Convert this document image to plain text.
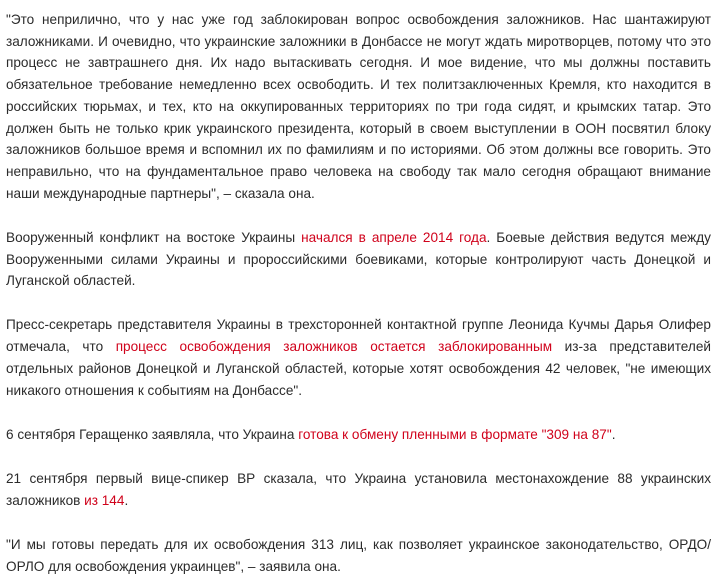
"Это неприлично, что у нас уже год заблокирован вопрос освобождения заложников. Нас шантажируют заложниками. И очевидно, что украинские заложники в Донбассе не могут ждать миротворцев, потому что это процесс не завтрашнего дня. Их надо вытаскивать сегодня. И мое видение, что мы должны поставить обязательное требование немедленно всех освободить. И тех политзаключенных Кремля, кто находится в российских тюрьмах, и тех, кто на оккупированных территориях по три года сидят, и крымских татар. Это должен быть не только крик украинского президента, который в своем выступлении в ООН посвятил блоку заложников большое время и вспомнил их по фамилиям и по историями. Об этом должны все говорить. Это неправильно, что на фундаментальное право человека на свободу так мало сегодня обращают внимание наши международные партнеры", – сказала она.

Вооруженный конфликт на востоке Украины начался в апреле 2014 года. Боевые действия ведутся между Вооруженными силами Украины и пророссийскими боевиками, которые контролируют часть Донецкой и Луганской областей.

Пресс-секретарь представителя Украины в трехсторонней контактной группе Леонида Кучмы Дарья Олифер отмечала, что процесс освобождения заложников остается заблокированным из-за представителей отдельных районов Донецкой и Луганской областей, которые хотят освобождения 42 человек, "не имеющих никакого отношения к событиям на Донбассе".

6 сентября Геращенко заявляла, что Украина готова к обмену пленными в формате "309 на 87".

21 сентября первый вице-спикер ВР сказала, что Украина установила местонахождение 88 украинских заложников из 144.

"И мы готовы передать для их освобождения 313 лиц, как позволяет украинское законодательство, ОРДО/ОРЛО для освобождения украинцев", – заявила она.
